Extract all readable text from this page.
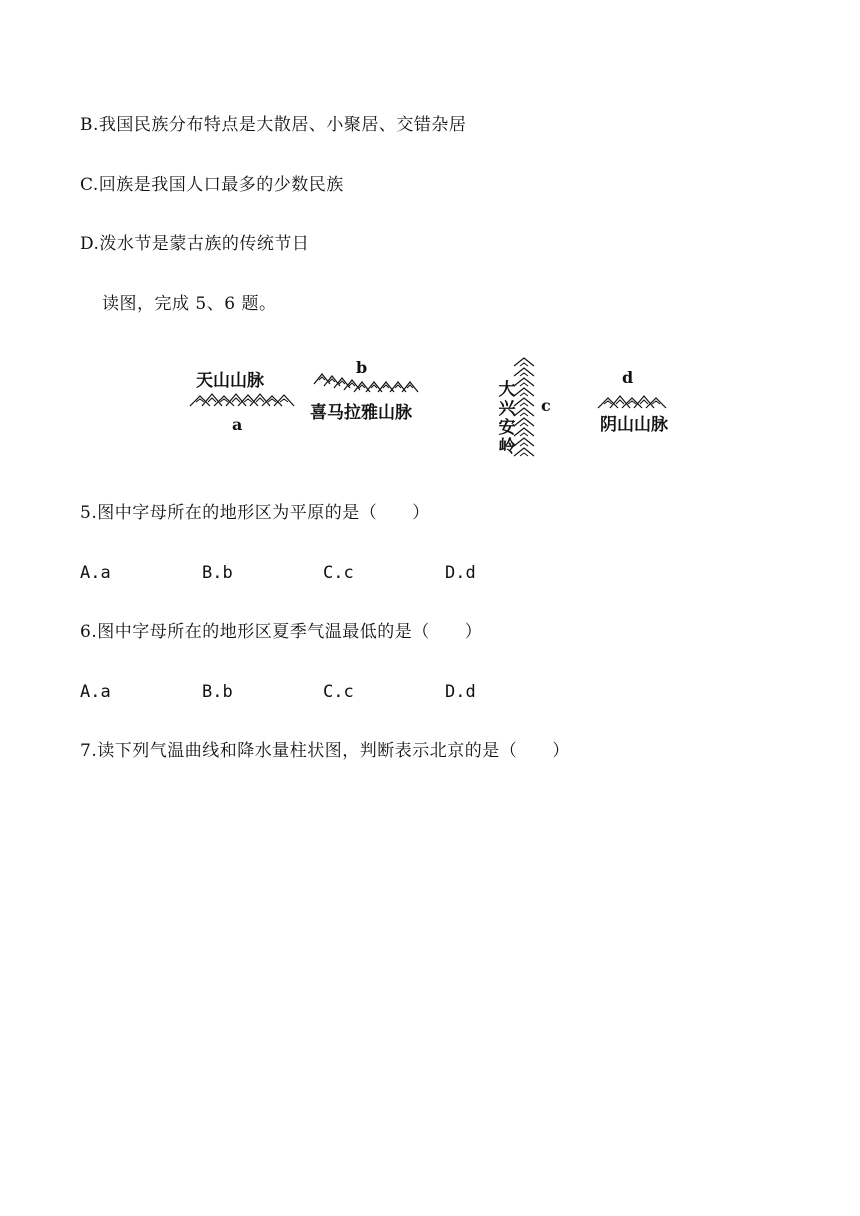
B.我国民族分布特点是大散居、小聚居、交错杂居
C.回族是我国人口最多的少数民族
D.泼水节是蒙古族的传统节日
读图，完成 5、6 题。
天山山脉
a
b
喜马拉雅山脉
大兴安岭
c
d
阴山山脉
5.图中字母所在的地形区为平原的是（　　）
A.a	B.b	C.c	D.d
6.图中字母所在的地形区夏季气温最低的是（　　）
A.a	B.b	C.c	D.d
7.读下列气温曲线和降水量柱状图，判断表示北京的是（　　）
